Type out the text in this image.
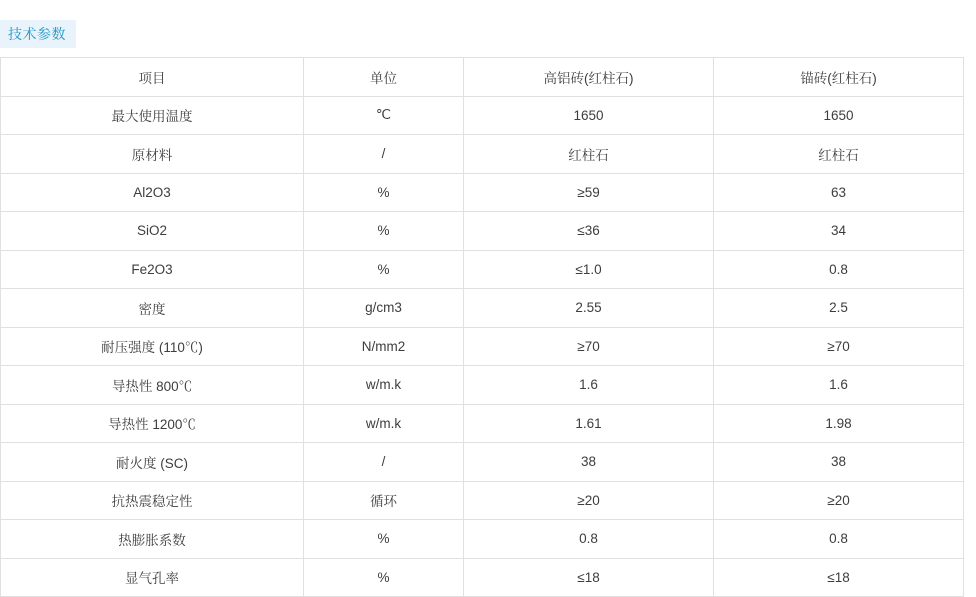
技术参数
项目	单位	高铝砖(红柱石)	锚砖(红柱石)
最大使用温度	℃	1650	1650
原材料	/	红柱石	红柱石
Al2O3	%	≥59	63
SiO2	%	≤36	34
Fe2O3	%	≤1.0	0.8
密度	g/cm3	2.55	2.5
耐压强度 (110℃)	N/mm2	≥70	≥70
导热性 800℃	w/m.k	1.6	1.6
导热性 1200℃	w/m.k	1.61	1.98
耐火度 (SC)	/	38	38
抗热震稳定性	循环	≥20	≥20
热膨胀系数	%	0.8	0.8
显气孔率	%	≤18	≤18
